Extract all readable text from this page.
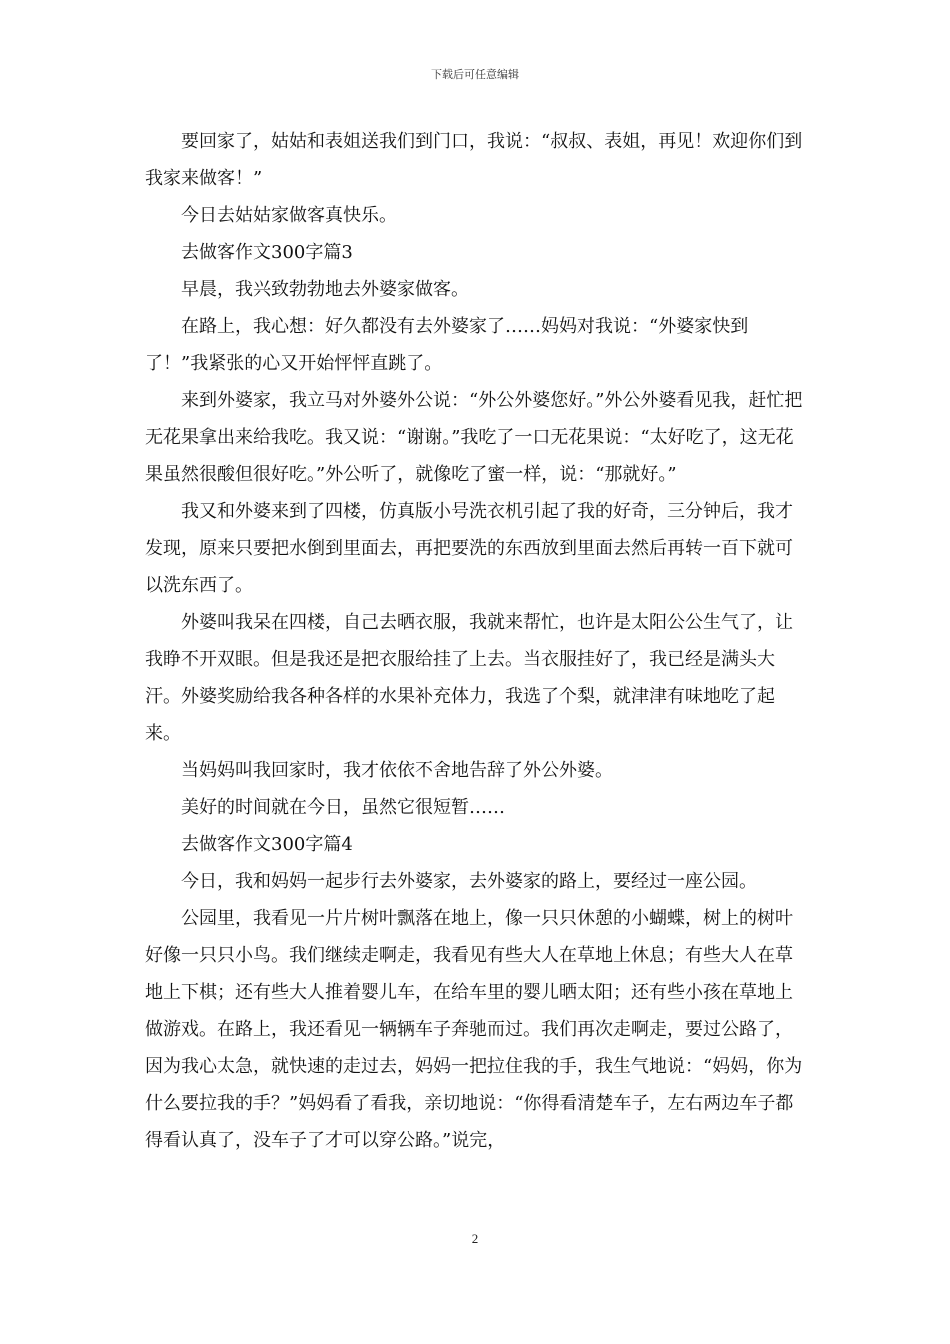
下载后可任意编辑

要回家了，姑姑和表姐送我们到门口，我说：“叔叔、表姐，再见！欢迎你们到我家来做客！”

今日去姑姑家做客真快乐。

去做客作文300字篇3

早晨，我兴致勃勃地去外婆家做客。

在路上，我心想：好久都没有去外婆家了……妈妈对我说：“外婆家快到了！”我紧张的心又开始怦怦直跳了。

来到外婆家，我立马对外婆外公说：“外公外婆您好。”外公外婆看见我，赶忙把无花果拿出来给我吃。我又说：“谢谢。”我吃了一口无花果说：“太好吃了，这无花果虽然很酸但很好吃。”外公听了，就像吃了蜜一样，说：“那就好。”

我又和外婆来到了四楼，仿真版小号洗衣机引起了我的好奇，三分钟后，我才发现，原来只要把水倒到里面去，再把要洗的东西放到里面去然后再转一百下就可以洗东西了。

外婆叫我呆在四楼，自己去晒衣服，我就来帮忙，也许是太阳公公生气了，让我睁不开双眼。但是我还是把衣服给挂了上去。当衣服挂好了，我已经是满头大汗。外婆奖励给我各种各样的水果补充体力，我选了个梨，就津津有味地吃了起来。

当妈妈叫我回家时，我才依依不舍地告辞了外公外婆。

美好的时间就在今日，虽然它很短暂……

去做客作文300字篇4

今日，我和妈妈一起步行去外婆家，去外婆家的路上，要经过一座公园。

公园里，我看见一片片树叶飘落在地上，像一只只休憩的小蝴蝶，树上的树叶好像一只只小鸟。我们继续走啊走，我看见有些大人在草地上休息；有些大人在草地上下棋；还有些大人推着婴儿车，在给车里的婴儿晒太阳；还有些小孩在草地上做游戏。在路上，我还看见一辆辆车子奔驰而过。我们再次走啊走，要过公路了，因为我心太急，就快速的走过去，妈妈一把拉住我的手，我生气地说：“妈妈，你为什么要拉我的手？”妈妈看了看我，亲切地说：“你得看清楚车子，左右两边车子都得看认真了，没车子了才可以穿公路。”说完，

2
